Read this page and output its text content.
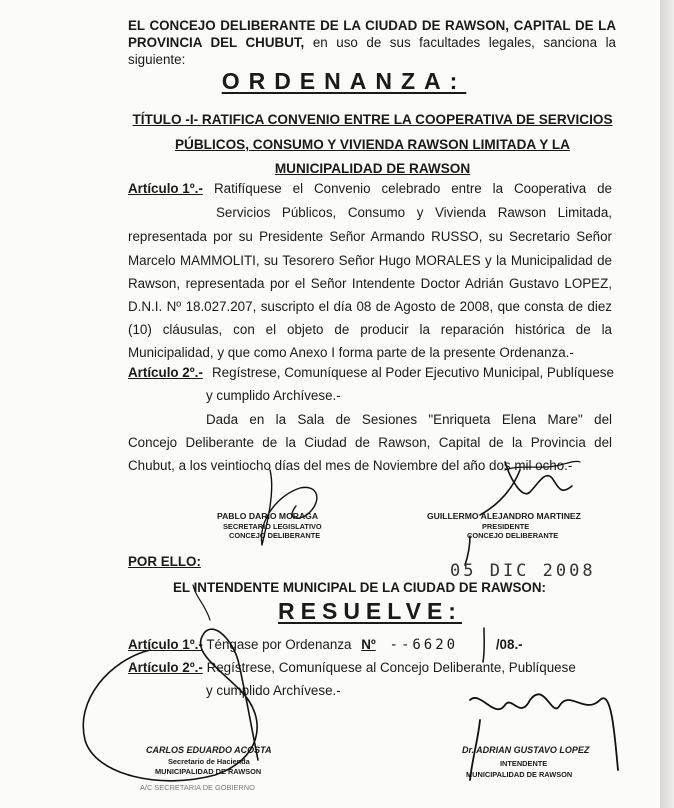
EL CONCEJO DELIBERANTE DE LA CIUDAD DE RAWSON, CAPITAL DE LA PROVINCIA DEL CHUBUT, en uso de sus facultades legales, sanciona la siguiente:
ORDENANZA:
TÍTULO -I- RATIFICA CONVENIO ENTRE LA COOPERATIVA DE SERVICIOS
PÚBLICOS, CONSUMO Y VIVIENDA RAWSON LIMITADA Y LA
MUNICIPALIDAD DE RAWSON
Artículo 1º.- Ratifíquese el Convenio celebrado entre la Cooperativa de
Servicios Públicos, Consumo y Vivienda Rawson Limitada,
representada por su Presidente Señor Armando RUSSO, su Secretario Señor
Marcelo MAMMOLITI, su Tesorero Señor Hugo MORALES y la Municipalidad de
Rawson, representada por el Señor Intendente Doctor Adrián Gustavo LOPEZ,
D.N.I. Nº 18.027.207, suscripto el día 08 de Agosto de 2008, que consta de diez
(10) cláusulas, con el objeto de producir la reparación histórica de la
Municipalidad, y que como Anexo I forma parte de la presente Ordenanza.-
Artículo 2º.- Regístrese, Comuníquese al Poder Ejecutivo Municipal, Publíquese
y cumplido Archívese.-
Dada en la Sala de Sesiones "Enriqueta Elena Mare" del
Concejo Deliberante de la Ciudad de Rawson, Capital de la Provincia del
Chubut, a los veintiocho días del mes de Noviembre del año dos mil ocho.-
PABLO DARIO MORAGA
SECRETARIO LEGISLATIVO
CONCEJO DELIBERANTE
GUILLERMO ALEJANDRO MARTINEZ
PRESIDENTE
CONCEJO DELIBERANTE
POR ELLO:	05 DIC 2008
EL INTENDENTE MUNICIPAL DE LA CIUDAD DE RAWSON:
RESUELVE:
Artículo 1º.- Téngase por Ordenanza Nº --6620	/08.-
Artículo 2º.- Regístrese, Comuníquese al Concejo Deliberante, Publíquese
y cumplido Archívese.-
CARLOS EDUARDO ACOSTA
Secretario de Hacienda
MUNICIPALIDAD DE RAWSON
A/C SECRETARIA DE GOBIERNO
Dr. ADRIAN GUSTAVO LOPEZ
INTENDENTE
MUNICIPALIDAD DE RAWSON
